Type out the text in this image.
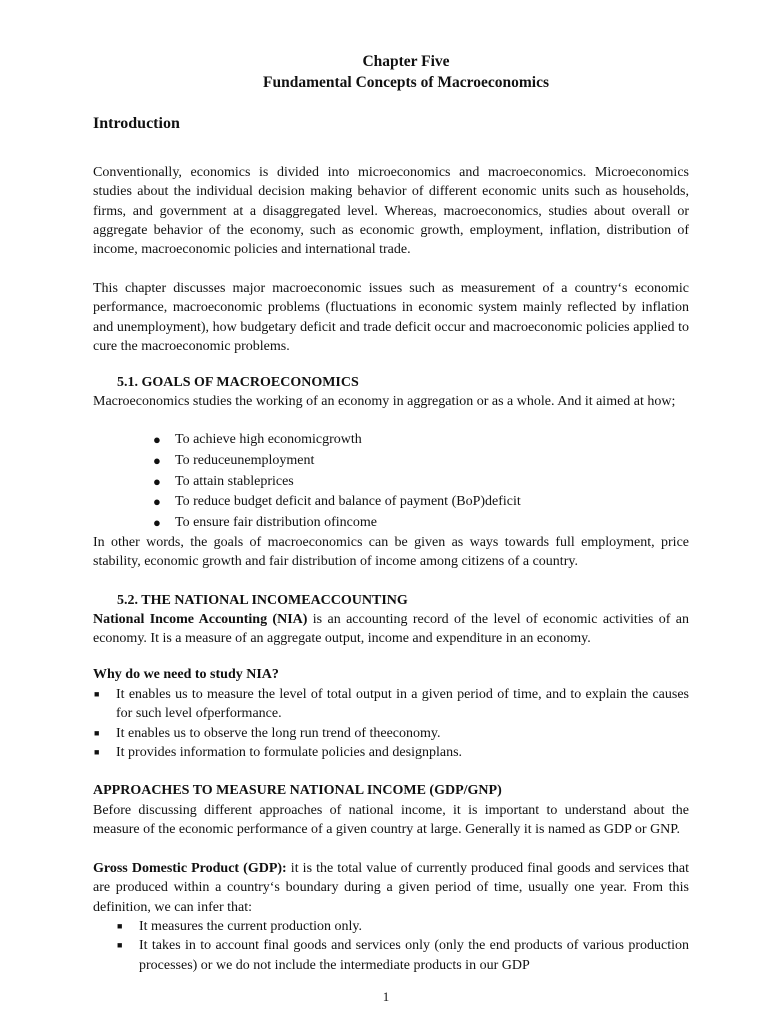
Chapter Five
Fundamental Concepts of Macroeconomics
Introduction

Conventionally, economics is divided into microeconomics and macroeconomics. Microeconomics studies about the individual decision making behavior of different economic units such as households, firms, and government at a disaggregated level. Whereas, macroeconomics, studies about overall or aggregate behavior of the economy, such as economic growth, employment, inflation, distribution of income, macroeconomic policies and international trade.

This chapter discusses major macroeconomic issues such as measurement of a country‘s economic performance, macroeconomic problems (fluctuations in economic system mainly reflected by inflation and unemployment), how budgetary deficit and trade deficit occur and macroeconomic policies applied to cure the macroeconomic problems.

5.1. GOALS OF MACROECONOMICS

Macroeconomics studies the working of an economy in aggregation or as a whole. And it aimed at how;

● To achieve high economicgrowth
● To reduceunemployment
● To attain stableprices
● To reduce budget deficit and balance of payment (BoP)deficit
● To ensure fair distribution ofincome

In other words, the goals of macroeconomics can be given as ways towards full employment, price stability, economic growth and fair distribution of income among citizens of a country.

5.2. THE NATIONAL INCOMEACCOUNTING

National Income Accounting (NIA) is an accounting record of the level of economic activities of an economy. It is a measure of an aggregate output, income and expenditure in an economy.

Why do we need to study NIA?
■ It enables us to measure the level of total output in a given period of time, and to explain the causes for such level ofperformance.
■ It enables us to observe the long run trend of theeconomy.
■ It provides information to formulate policies and designplans.
APPROACHES TO MEASURE NATIONAL INCOME (GDP/GNP)

Before discussing different approaches of national income, it is important to understand about the measure of the economic performance of a given country at large. Generally it is named as GDP or GNP.

Gross Domestic Product (GDP): it is the total value of currently produced final goods and services that are produced within a country‘s boundary during a given period of time, usually one year. From this definition, we can infer that:

■ It measures the current production only.
■ It takes in to account final goods and services only (only the end products of various production processes) or we do not include the intermediate products in our GDP
1
